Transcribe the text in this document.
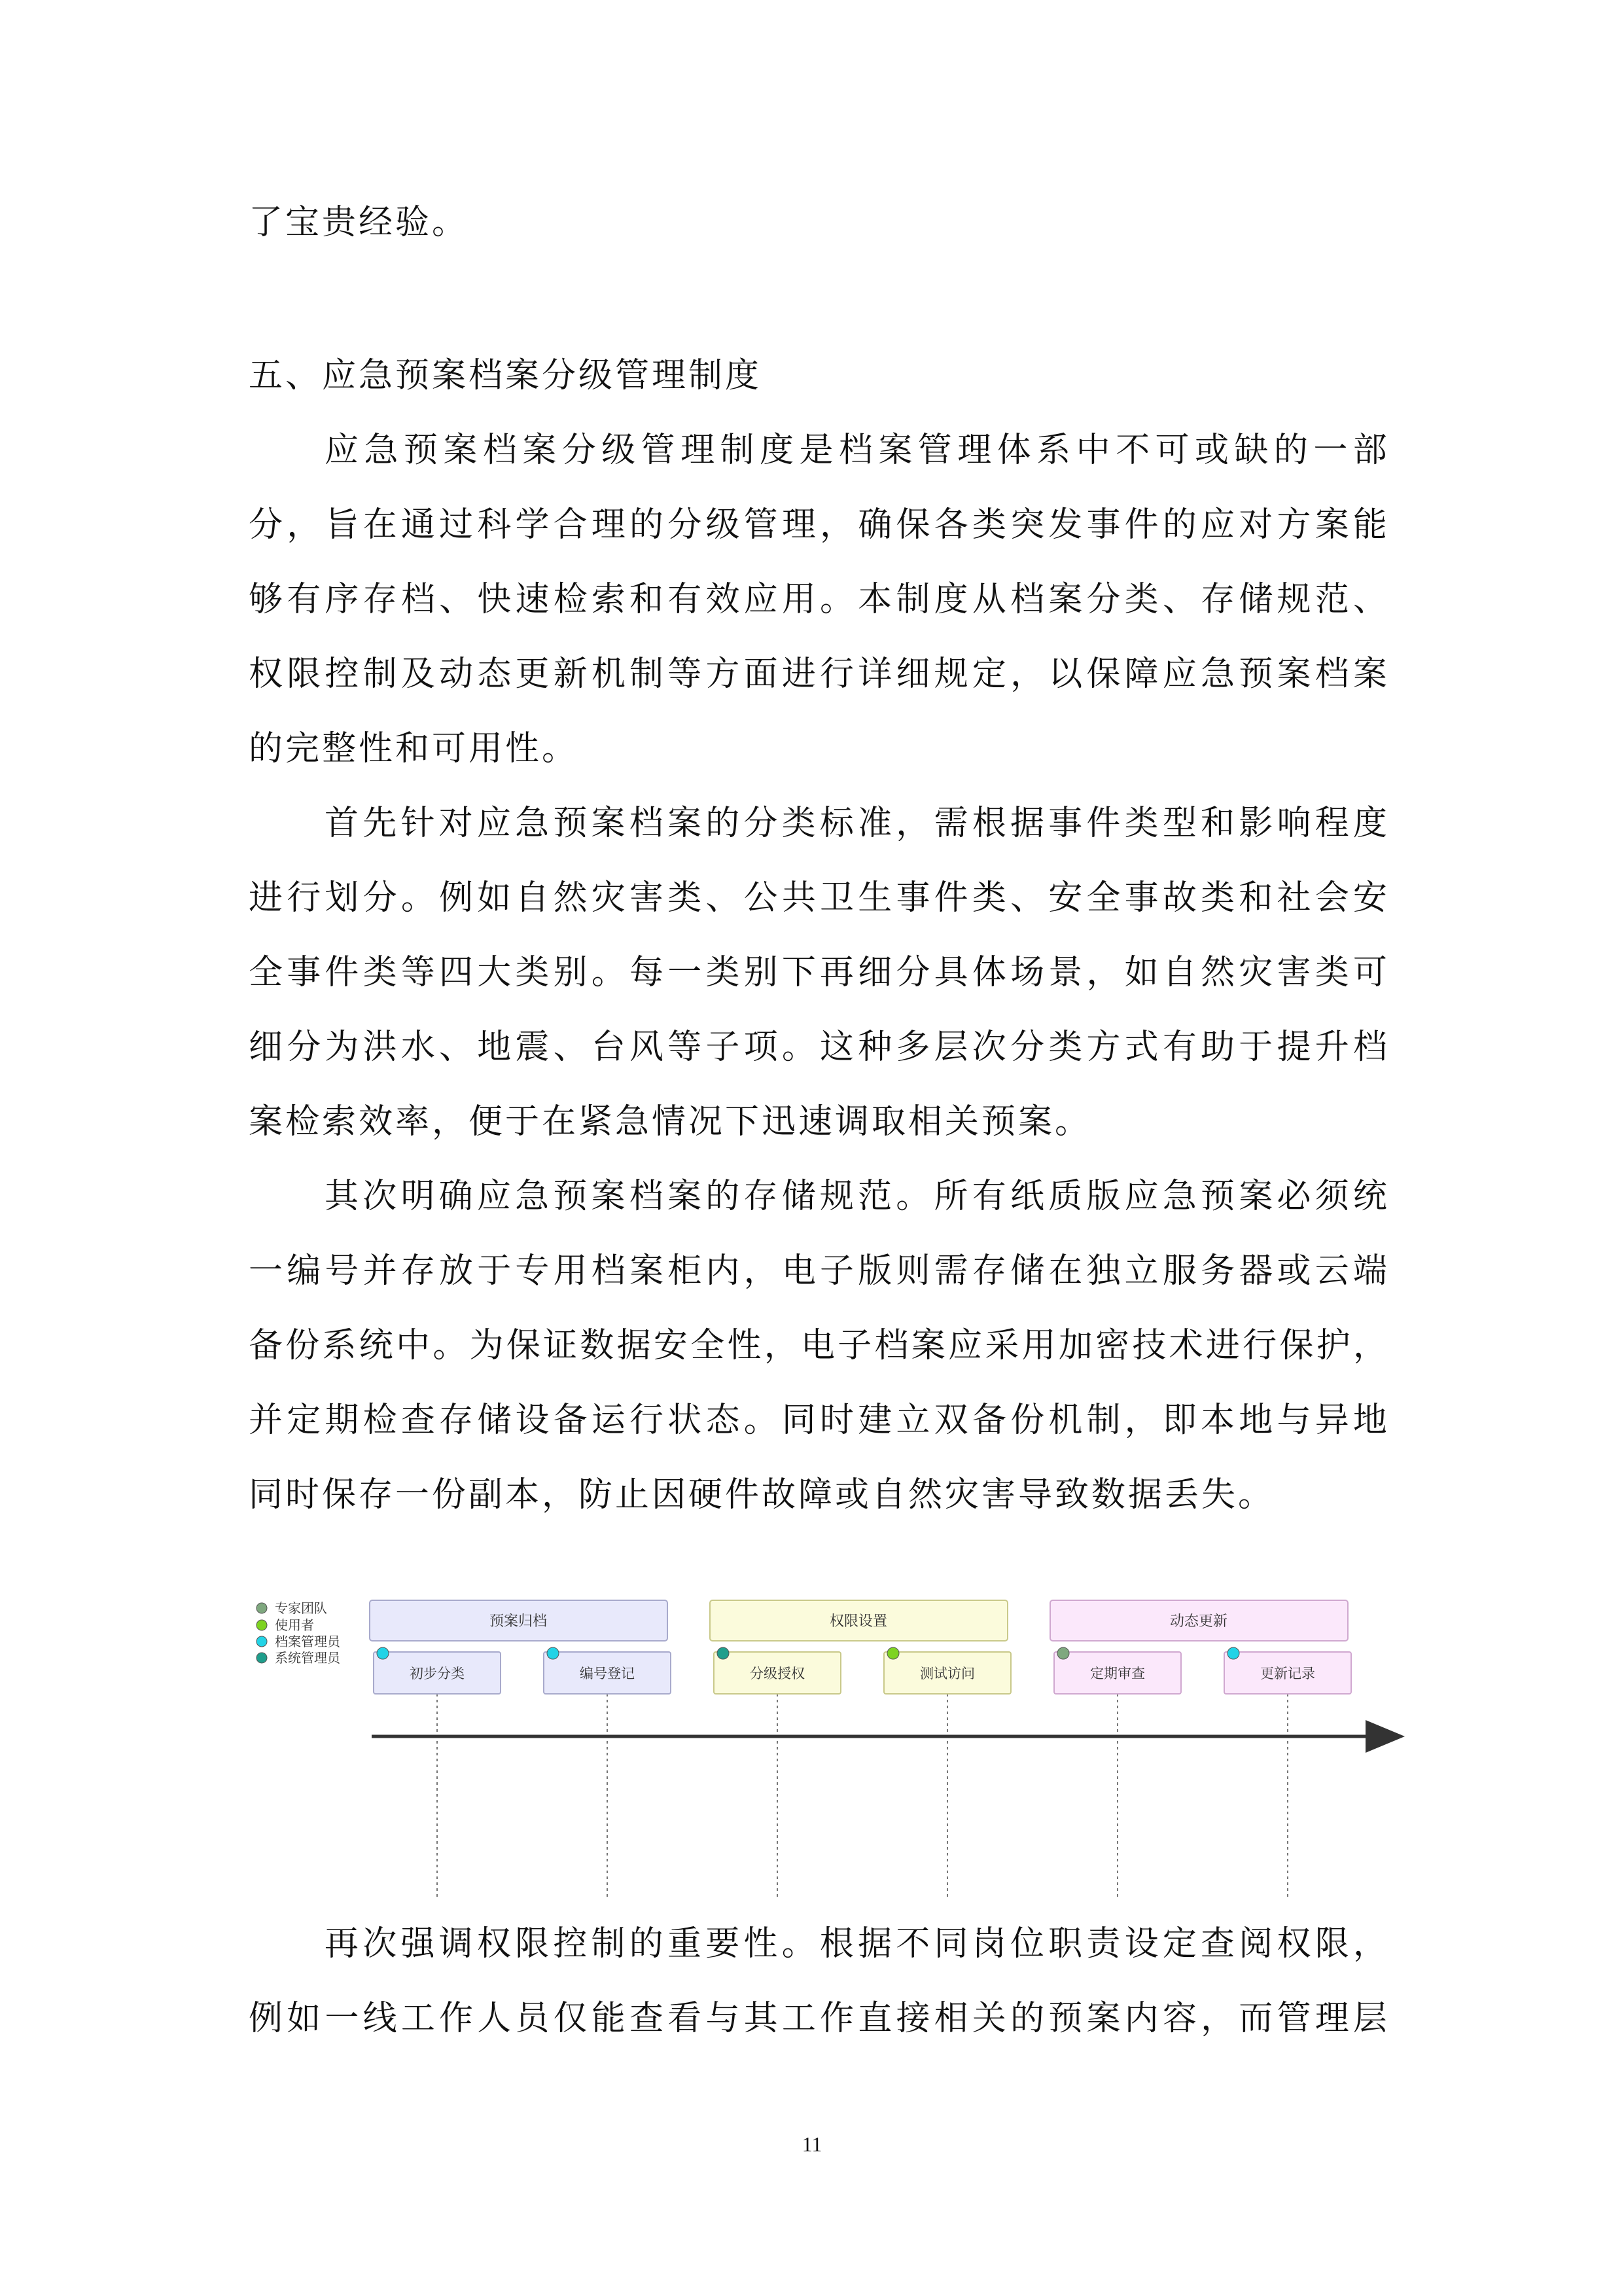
了宝贵经验。
五、应急预案档案分级管理制度
应 急 预 案 档 案 分 级 管 理 制 度 是 档 案 管 理 体 系 中 不 可 或 缺 的 一 部
分 ， 旨 在 通 过 科 学 合 理 的 分 级 管 理 ， 确 保 各 类 突 发 事 件 的 应 对 方 案 能
够 有 序 存 档 、 快 速 检 索 和 有 效 应 用 。 本 制 度 从 档 案 分 类 、 存 储 规 范 、
权 限 控 制 及 动 态 更 新 机 制 等 方 面 进 行 详 细 规 定 ， 以 保 障 应 急 预 案 档 案
的完整性和可用性。
首 先 针 对 应 急 预 案 档 案 的 分 类 标 准 ， 需 根 据 事 件 类 型 和 影 响 程 度
进 行 划 分 。 例 如 自 然 灾 害 类 、 公 共 卫 生 事 件 类 、 安 全 事 故 类 和 社 会 安
全 事 件 类 等 四 大 类 别 。 每 一 类 别 下 再 细 分 具 体 场 景 ， 如 自 然 灾 害 类 可
细 分 为 洪 水 、 地 震 、 台 风 等 子 项 。 这 种 多 层 次 分 类 方 式 有 助 于 提 升 档
案检索效率，便于在紧急情况下迅速调取相关预案。
其 次 明 确 应 急 预 案 档 案 的 存 储 规 范 。 所 有 纸 质 版 应 急 预 案 必 须 统
一 编 号 并 存 放 于 专 用 档 案 柜 内 ， 电 子 版 则 需 存 储 在 独 立 服 务 器 或 云 端
备 份 系 统 中 。 为 保 证 数 据 安 全 性 ， 电 子 档 案 应 采 用 加 密 技 术 进 行 保 护 ，
并 定 期 检 查 存 储 设 备 运 行 状 态 。 同 时 建 立 双 备 份 机 制 ， 即 本 地 与 异 地
同时保存一份副本，防止因硬件故障或自然灾害导致数据丢失。
专家团队
使用者
档案管理员
系统管理员
预案归档	权限设置	动态更新
初步分类	编号登记	分级授权	测试访问	定期审查	更新记录
再 次 强 调 权 限 控 制 的 重 要 性 。 根 据 不 同 岗 位 职 责 设 定 查 阅 权 限 ，
例 如 一 线 工 作 人 员 仅 能 查 看 与 其 工 作 直 接 相 关 的 预 案 内 容 ， 而 管 理 层
11
